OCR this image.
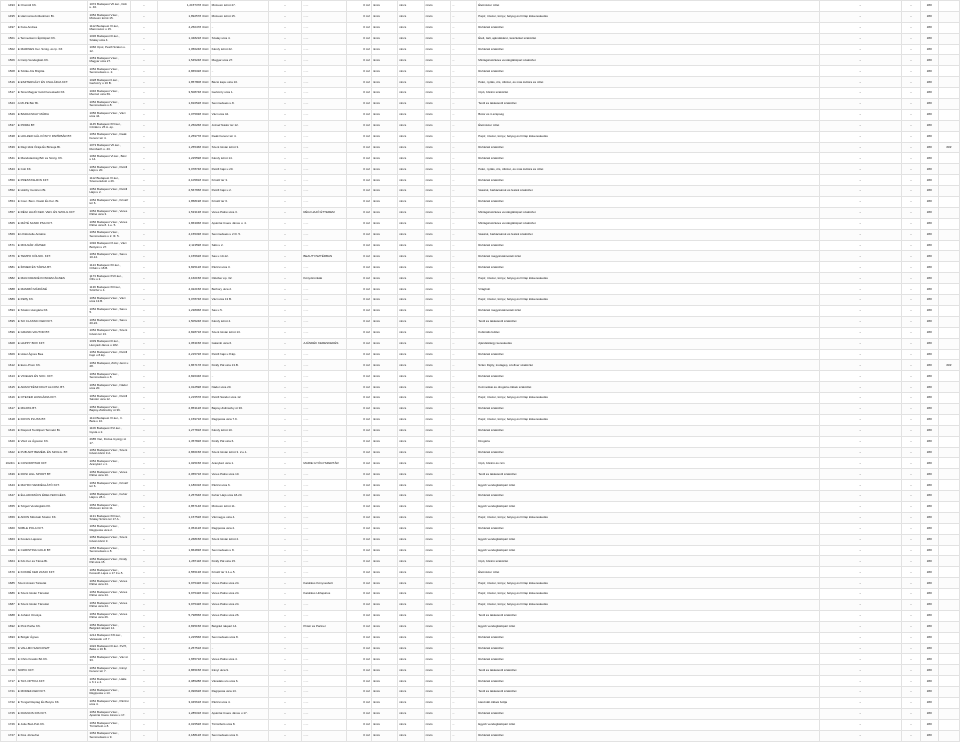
1493	E Oromidi Kft.	1072 Budapest VII.ker., Dob u. 40.	..	1,215?378 rCsC	Múzeum körút 27.	..	......	0 m2	nincs	nincs	nincs	...	Élelmiszer üzlet	..	..	###	
1495	E Harmonia Antikvárium Bt.	1052 Budapest V.ker., Múzeum körút 15.	..	1,892578 rCsC	Múzeum körút 15.	..	......	0 m2	nincs	nincs	nincs	...	Papír, írószer, könyv, bélyeg és hírlap kiskereskedés	..	..	###	
1497	E Kuta Andrea	1112 Budapest XI.ker., Mammutóc u 15.	..	4,250478 rCsC	..	..	......	0 m2	nincs	nincs	nincs	...	Ruházati szaküzlet	..	..	###	
1501	a Termeckerm Építőipari Kft.	1036 Budapest III.ker., Szalay utca 4.	..	1,348218 rCsC	Szalay utca 4.	..	......	0 m2	nincs	nincs	nincs	...	Ételt, italt, ajándékárut, készletkel szaküzlet	..	..	###	
1502	E MARINES Ker. Szolg. és Ip. Kft	1066 Opol, Pestfi Szalon u. 12.	..	1,056248 rCsC	Károly körút 22.	..	......	0 m2	nincs	nincs	nincs	...	Ruházati szaküzlet	..	..	###	
1506	A Csőp Vendéglátó Kft.	1053 Budapest V.ker., Magyar utca 27.	..	1,545248 rCsC	Magyar utca 27.	..	......	0 m2	nincs	nincs	nincs	...	Mintágáruüzletes vendéglátóipari szaküzlet	..	..	###	
1508	E Szőke-Kis Brigitta	1052 Budapest V.ker., Semmelweis u. 2.	..	2,865328 rCsC	..	..	......	0 m2	nincs	nincs	nincs	...	Ruházati szaküzlet	..	..	###	
1516	E ESZTERGÁLY ÉS CSALÁDJA KFT.	1028 Budapest II.ker., Gerlóczy u 16 B.	..	1,857808 rCsC	Bécsi kapu utca 10.	..	......	0 m2	nincs	nincs	nincs	...	Pékó, nyílás, őrs, öltözet, és más kultúra és üzlet	..	..	###	
1517	E Sina Magyar Gold Kereskedő Kft.	1046 Budapest V.ker., Mercaz utca 69.	..	3,508748 rCsC	Gerlóczy utca 1.	..	......	0 m2	nincs	nincs	nincs	...	Cipő, bőrárú szaküzlet	..	..	###	
1523	A MI-PE Bér Bt.	1052 Budapest V.ker., Semmelweis u.8.	..	1,816528 rCsC	Semmelweis u.8.	..	......	0 m2	nincs	nincs	nincs	...	Textil és lakástextil szaküzlet	..	..	###	
1529	E BARACSKAY MÁRIA	1056 Budapest V.ker., Váci utca 44.	..	1,075938 rCsC	Váci utca 44.	..	......	0 m2	nincs	nincs	nincs	...	Bútor és it-szépség	..	..	###	
1537	E PRIMA BT.	1145 Budapest XIV.ker., Cziráki u 25 A. ép.	..	2,250268 rCsC	József Nádor tér 12.	..	......	0 m2	nincs	nincs	nincs	...	Élelmiszer üzlet	..	..	###	
1538	E HOLZER GÁL KÖNYV PAPÍRBÁR BT.	1052 Budapest V.ker., Deák Ferenc tér 4.	..	2,259778 rCsC	Deák Ferenc tér 4.	..	......	0 m2	nincs	nincs	nincs	...	Papír, írószer, könyv, bélyeg és hírlap kiskereskedés	..	..	###	
1539	E Régi Idők Órája És Bizsuja Bt.	1073 Budapest VII.ker., Rumbach u. 43.	..	1,255468 rCsC	Szent István körút 3.	..	......	0 m2	nincs	nincs	nincs	...	Ruházati szaküzlet	..	..	###	###
1541	E Mandulavirág Bőr és Szolg. Kft.	1066 Budapest VI.ker., Bérc u 14.	..	1,225598 rCsC	Károly körút 14.	..	......	0 m2	nincs	nincs	nincs	...	Ruházati szaküzlet	..	..	###	
1543	E Colt Kft.	1052 Budapest V.ker., Petőfi Hajó u 20.	..	3,078748 rCsC	Petőfi hajó u 20.	..	......	0 m2	nincs	nincs	nincs	...	Pékó, nyílás, őrs, öltözet, és más kultúra és üzlet	..	..	###	
1550	E PRESTASHION KFT.	1112 Budapest XI.ker., Szemerédoló u 26.	..	2,105818 rCsC	Kristóf tér 3.	..	......	0 m2	nincs	nincs	nincs	...	Ruházati szaküzlet	..	..	###	
1552	E Hobby Centrum Bt.	1052 Budapest V.ker., Petőfi Hajó u 2.	..	2,567658 rCsC	Petőfi hajó u 2.	..	......	0 m2	nincs	nincs	nincs	...	Vasárut, barkácsáruk és festék szaküzlet	..	..	###	
1554	E Cour. Bem. Kiadó És Ker. Bt.	1052 Budapest V.ker., Kristóf tér 6.	..	1,858198 rCsC	Kristóf tér 6.	..	......	0 m2	nincs	nincs	nincs	...	Ruházati szaküzlet	..	..	###	
1557	E RÉGI HAJÓ KER. VEN. ÉS SZOLG KFT	1052 Budapest V.ker., Veres Pálné utca 3.	..	1,533138 rCsC	Veres Pálné utca 3.	..	RÉGI HAJÓ ÉTTEREM	0 m2	nincs	nincs	nincs	...	Mintágáruüzletes vendéglátóipari szaküzlet	..	..	###	
1565	E MÁTÉ SANDI PSA KFT.	1056 Budapest V.ker., Veres Pálné utca 8. 1.e. 5.	..	1,863068 rCsC	Apáczai Csere János u. 4.	..	......	0 m2	nincs	nincs	nincs	...	Mintágáruüzletes vendéglátóipari szaküzlet	..	..	###	
1569	En Kikiszelle Antalné	1052 Budapest V.ker., Semmelweis u 2. Ill. 5.	..	4,155338 rCsC	Semmelweis u 2 Ill. 5.	..	......	0 m2	nincs	nincs	nincs	...	Vasárut, barkácsáruk és festék szaküzlet	..	..	###	
1571	E MOLNÁR JÓZSEF	1092 Budapest IX.ker., Váci Bottyán u 27.	..	2,113598 rCsC	Sáló u 2.	..	......	0 m2	nincs	nincs	nincs	...	Ruházati szaküzlet	..	..	###	
1576	E TEMPO KÖLNIK. KFT.	1052 Budapest V.ker., Sas u 10-12.	..	1,155628 rCsC	Sas u 10-12.	..	BEAUTY/SZTÉRBAN	0 m2	nincs	nincs	nincs	...	Ruházati magyárutánvételi üzlet	..	..	###	
1581	E ÍRNIER ÉS TÁRSA BT.	1124 Budapest XII.ker., Orbán u 18.B.	..	3,825128 rCsC	Párizsi utca 3.	..	......	0 m2	nincs	nincs	nincs	...	Ruházati szaküzlet	..	..	###	
1582	E MAGYARADÉ KONCEM ÁGNES	1173 Budapest XVII.ker., Ófru u 2.	..	4,160158 rCsC	Október ép. 32.	..	Könyvkrónkák	0 m2	nincs	nincs	nincs	...	Papír, írószer, könyv, bélyeg és hírlap kiskereskedés	..	..	###	
1588	E MAMMÓ MÁRIÁNÉ	1136 Budapest XIII.ker., Szőrfsz u 4.	..	4,022158 rCsC	Bethory utca 2.	..	......	0 m2	nincs	nincs	nincs	...	Virágbolt	..	..	###	
1589	E Pálffy Kft.	1052 Budapest V.ker., Váci utca 13.B.	..	3,078748 rCsC	Váci utca 13 B.	..	......	0 m2	nincs	nincs	nincs	...	Papír, írószer, könyv, bélyeg és hírlap kiskereskedés	..	..	###	
1593	E Szalon Hungária Kft.	1052 Budapest V.ker., Sas u 5.	..	1,238068 rCsC	Sas u 5.	..	......	0 m2	nincs	nincs	nincs	...	Ruházati magyárutánvételi üzlet	..	..	###	
1595	E SO CLASSIC KER KFT.	1052 Budapest V.ker., Sas u 20-22.	..	1,505248 rCsC	Károly körút 4.	..	......	0 m2	nincs	nincs	nincs	...	Textil és lakástextil szaküzlet	..	..	###	
1596	E GRAND-VAUTOR BT.	1052 Budapest V.ker., Szent István tér 13.	..	2,828718 rCsC	Szent István körút 13.	..	......	0 m2	nincs	nincs	nincs	...	Kultúrális felület	..	..	###	
1608	E HAPPY BOX KFT.	1039 Budapest III.ker., Hunyadi János u 182.	..	1,053158 rCsC	Galamb utca 6.	..	AJÁNDÉK KERESKEDÉS	0 m2	nincs	nincs	nincs	...	Ajándéktárgy kereskedés	..	..	###	
1609	E Hotel Ágnes Bea	1052 Budapest V.ker., Petőfi hajó u 8.Ep.	..	2,215728 rCsC	Petőfi hajó u 8.Ep.	..	......	0 m2	nincs	nincs	nincs	...	Ruházati szaküzlet	..	..	###	
1612	E Euro-Prom Kft.	1052 Budapest, Zichy Jenő u 28.	..	1,867178 rCsC	Király Pál utca 13.B.	..	......	0 m2	nincs	nincs	nincs	...	Szám Digity, irodagép, szoftver szaküzlet	..	..	###	###
1613	E VICELES ÉS SOC. KFT.	1052 Budapest V.ker., Semmelweis u 8.	..	2,826348 rCsC	..	..	......	0 m2	nincs	nincs	nincs	...	Ruházati szaküzlet	..	..	###	
1615	E ARANYFÉSZ DIGIT ALCOM. BT.	1052 Budapest V.ker., Nádor utca 20.	..	1,012598 rCsC	Nádor utca 20.	..	......	0 m2	nincs	nincs	nincs	...	Kozmetikai és drogéria cikkek szaküzlet	..	..	###	
1616	E OTEXER HUNGÁRIA KFT.	1052 Budapest V.ker., Petőfi Sándor utca 12.	..	1,215578 rCsC	Petőfi Sándor utca 12.	..	......	0 m2	nincs	nincs	nincs	...	Papír, írószer, könyv, bélyeg és hírlap kiskereskedés	..	..	###	
1617	E MILPAS BT.	1052 Budapest V.ker., Bajcsy-Zsilinszky út 36.	..	2,853128 rCsC	Bajcsy-Zsilinszky út 36.	..	......	0 m2	nincs	nincs	nincs	...	Ruházati szaküzlet	..	..	###	
1618	E DOVIS PLUSS BT.	1114 Budapest XI.ker., Ir. Bela u 10.	..	1,159718 rCsC	Régiposta utca 7.9.	..	......	0 m2	nincs	nincs	nincs	...	Papír, írószer, könyv, bélyeg és hírlap kiskereskedés	..	..	###	
1619	E Klapovil Textilipari Termelő Bt.	1106 Budapest XVI.ker., Gyula u 2.	..	1,277818 rCsC	Károly körút 10.	..	......	0 m2	nincs	nincs	nincs	...	Ruházati szaküzlet	..	..	###	
1620	E Vitéz és Ágoston Kft.	2685 Vác, Dózsa György út 17.	..	1,357828 rCsC	Király Pál utca 6.	..	......	0 m2	nincs	nincs	nincs	...	Drogéria	..	..	###	
1622	E PUB ART BEMÉZL ÉS SZOLG. BT.	1052 Budapest V.ker., Szent István körút 3.A.	..	2,866158 rCsC	Szent István körút 3. 2.e.1.	..	......	0 m2	nincs	nincs	nincs	...	Ruházati szaküzlet	..	..	###	
1624/1	E COSORPITAR KFT.	1052 Budapest V.ker., Aranykéz u 1.	..	1,025158 rCsC	Aranykéz utca 1.	..	MARIE GYÓGYSZERTÁR	0 m2	nincs	nincs	nincs	...	Cipő, bőrárú és rsín	..	..	###	
1639	E ROSI HILL SPORT BT.	1052 Budapest V.ker., Veres Pálné utca 10.	..	2,055718 rCsC	Veres Pálné utca 10.	..	......	0 m2	nincs	nincs	nincs	...	Textil és lakástextil szaküzlet	..	..	###	
1643	E MAYRO VENDÉGLÁTÓ KFT.	1052 Budapest V.ker., Kristóf tér 6.	..	1,186318 rCsC	Párizsi utca 6.	..	......	0 m2	nincs	nincs	nincs	...	Egyéb vendéglátóipari üzlet	..	..	###	
1647	E ÉLLADOMÁCS ÉDELYERI GÉZA	1056 Budapest V.ker., Fehér Hajó u 28.1.	..	4,257648 rCsC	Fehér Hajó utca 18-20.	..	......	0 m2	nincs	nincs	nincs	...	Ruházati szaküzlet	..	..	###	
1655	E Szigeti Vendéglátó Kft.	1052 Budapest V.ker., Múzeum körút 11.	..	2,857148 rCsC	Múzeum körút 11.	..	......	0 m2	nincs	nincs	nincs	...	Egyéb vendéglátóipari üzlet	..	..	###	
1659	E ADON Műszaki Szalon Kft.	1131 Budapest XIII.ker., Szalay Szűcs tér 17 A.	..	1,157528 rCsC	Vármegye utca 4.	..	......	0 m2	nincs	nincs	nincs	...	Papír, írószer, könyv, bélyeg és hírlap kiskereskedés	..	..	###	
1660	NOBLE POLA KFT.	1052 Budapest V.ker., Régiposta utca 2.	..	2,054128 rCsC	Régiposta utca 2.	..	......	0 m2	nincs	nincs	nincs	...	Ruházati szaküzlet	..	..	###	
1663	E Kovács Lajosné	1052 Budapest V.ker., Szent István körút 3.	..	4,268158 rCsC	Szent István körút 2.	..	......	0 m2	nincs	nincs	nincs	...	Egyéb vendéglátóipari üzlet	..	..	###	
1669	E CHRISTINA GOLD BT.	1052 Budapest V.ker., Semmelweis u 8.	..	1,864838 rCsC	Semmelweis u 8.	..	......	0 m2	nincs	nincs	nincs	...	Egyéb vendéglátóipari üzlet	..	..	###	
1664	E Kőr-Ker és Társa Bt.	1052 Budapest V.ker., Király Pál utca 15.	..	1,287118 rCsC	Király Pál utca 15.	..	......	0 m2	nincs	nincs	nincs	...	Cipő, bőrárú szaküzlet	..	..	###	
1670	E KOKRÉ KER ZASIO KFT.	1052 Budapest V.ker., Kossuth Lajos u 17 3.e.5.	..	2,555138 rCsC	Kristóf tér 3.1.e.5.	..	......	0 m2	nincs	nincs	nincs	...	Élelmiszer üzlet	..	..	###	
1685	Szent Ansán Társulat	1052 Budapest V.ker., Veres Pálné utca 24.	..	3,975428 rCsC	Veres Pálné utca 24.	..	Katolikus Könyvesbolt	0 m2	nincs	nincs	nincs	...	Papír, írószer, könyv, bélyeg és hírlap kiskereskedés	..	..	###	
1686	E Szent István Társulat	1052 Budapest V.ker., Veres Pálné utca 24.	..	3,975428 rCsC	Veres Pálné utca 24.	..	Katolikus Hírlapárus	0 m2	nincs	nincs	nincs	...	Papír, írószer, könyv, bélyeg és hírlap kiskereskedés	..	..	###	
1687	E Szent István Társulat	1052 Budapest V.ker., Veres Pálné utca 24.	..	3,975428 rCsC	Veres Pálné utca 24.	..	......	0 m2	nincs	nincs	nincs	...	Papír, írószer, könyv, bélyeg és hírlap kiskereskedés	..	..	###	
1688	E Juhász Orsolya	1052 Budapest V.ker., Veres Pálné utca 26.	..	5,798658 rCsC	Veres Pálné utca 26.	..	......	0 m2	nincs	nincs	nincs	...	Textil és lakástextil szaküzlet	..	..	###	
1692	E Pink Pathe Kft.	1052 Budapest V.ker., Belgrád rakpart 14.	..	2,835158 rCsC	Belgrád rakpart 14.	..	Pintér és Partner	0 m2	nincs	nincs	nincs	...	Egyéb vendéglátóipari üzlet	..	..	###	
1693	E Bolgár Ágnes	1214 Budapest XXI.ker., Varsaudo u 8 7.	..	1,225568 rCsC	Semmelweis utca 8.	..	......	0 m2	nincs	nincs	nincs	...	Ruházati szaküzlet	..	..	###	
1706	E VALLMO SARCOSZT	1022 Budapest III.ker. XV/X, Béke u 16 B.	..	2,257518 rCsC	..	..	......	0 m2	nincs	nincs	nincs	...	Ruházati szaküzlet	..	..	###	
1709	E Chris Kreátiv Bő Kft.	1052 Budapest V.ker., Vác út 33.	..	1,655718 rCsC	Veres Pálné utca 4.	..	......	0 m2	nincs	nincs	nincs	...	Ruházati szaküzlet	..	..	###	
1716	NOPIC KFT.	1052 Budapest V.ker., Irányi Ferenc tér 7.	..	2,865158 rCsC	Irányi utca 9.	..	......	0 m2	nincs	nincs	nincs	...	Textil és lakástextil szaküzlet	..	..	###	
1717	E TAX-OPTIKA KFT.	1052 Budapest V.ker., Halle u 6 1 e 4.	..	2,085288 rCsC	Váradalo ulo utca 6.	..	......	0 m2	nincs	nincs	nincs	...	Ruházati szaküzlet	..	..	###	
1721	E MOREZ-KER KFT.	1052 Budapest V.ker., Régiposta u 13.	..	2,096628 rCsC	Régiposta utca 13.	..	......	0 m2	nincs	nincs	nincs	...	Textil és lakástextil szaküzlet	..	..	###	
1722	E Tungal Reptag És Butyre Kft.	1052 Budapest V.ker., Párizsi utca 4.	..	3,045618 rCsC	Párizsi utca 4.	..	......	0 m2	nincs	nincs	nincs	...	Használt cikkek boltja	..	..	###	
1725	E FRANCIS DIS KFT.	1052 Budapest V.ker., Apáczai Csere János u 17.	..	1,285318 rCsC	Apáczai Csere János u 17.	..	......	0 m2	nincs	nincs	nincs	...	Ruházati szaküzlet	..	..	###	
1726	E Julie Bud-Pub Kft.	1052 Budapest V.ker., Türrárboló u 8.	..	2,015528 rCsC	Türrárboló utca 8.	..	......	0 m2	nincs	nincs	nincs	...	Egyéb vendéglátóipari üzlet	..	..	###	
1727	E Kiss Józsefné	1052 Budapest V.ker., Semmelweis u 9.	..	2,188128 rCsC	Semmelweis utca 9.	..	......	0 m2	nincs	nincs	nincs	...	Ruházati szaküzlet	..	..	###	
